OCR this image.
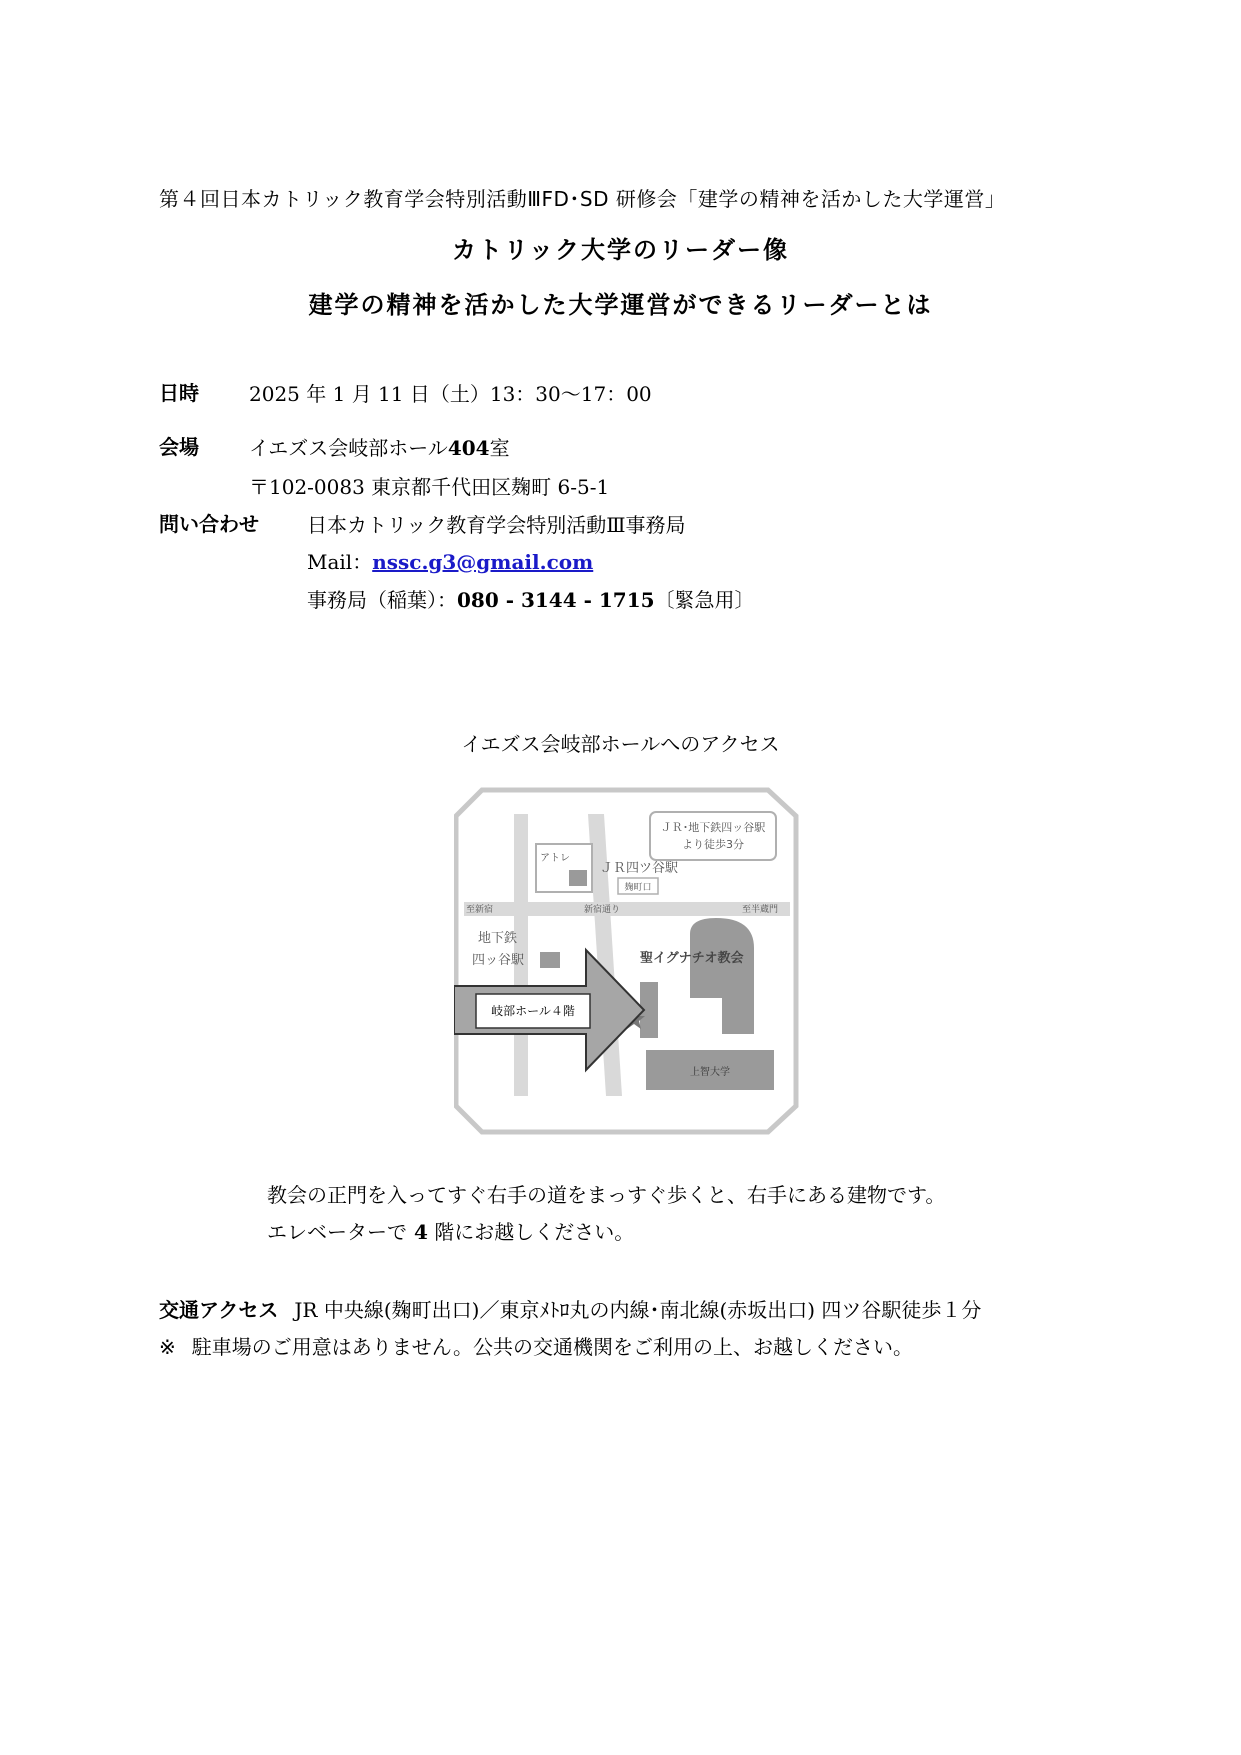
第４回日本カトリック教育学会特別活動ⅢFD･SD 研修会「建学の精神を活かした大学運営」
カトリック大学のリーダー像
建学の精神を活かした大学運営ができるリーダーとは
日時	2025 年 1 月 11 日（土）13：30〜17：00
会場	イエズス会岐部ホール404室
〒102-0083 東京都千代田区麹町 6-5-1
問い合わせ 日本カトリック教育学会特別活動Ⅲ事務局
Mail：nssc.g3@gmail.com
事務局（稲葉）：080 - 3144 - 1715〔緊急用〕
イエズス会岐部ホールへのアクセス
ＪＲ･地下鉄四ッ谷駅
より徒歩3分
アトレ
ＪＲ四ツ谷駅
麹町口
至新宿	新宿通り	至半蔵門
地下鉄
四ッ谷駅	聖イグナチオ教会
上智大学
岐部ホール４階
教会の正門を入ってすぐ右手の道をまっすぐ歩くと、右手にある建物です。
エレベーターで 4 階にお越しください。
交通アクセス JR 中央線(麹町出口)／東京ﾒﾄﾛ丸の内線･南北線(赤坂出口) 四ツ谷駅徒歩１分
※ 駐車場のご用意はありません。公共の交通機関をご利用の上、お越しください。
